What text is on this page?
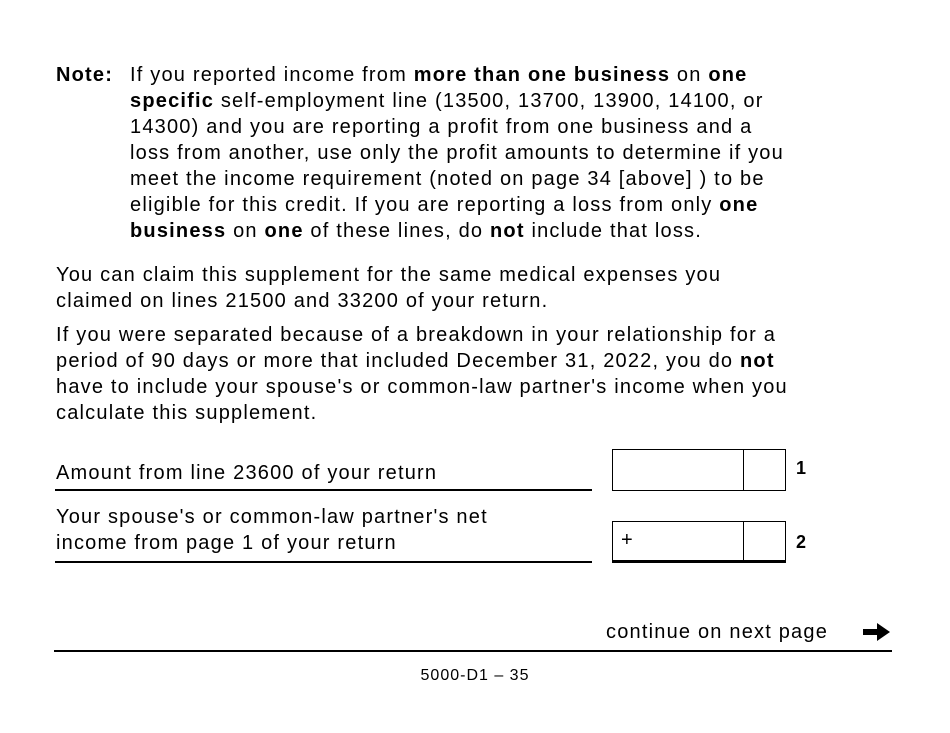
Note: If you reported income from more than one business on one
specific self-employment line (13500, 13700, 13900, 14100, or
14300) and you are reporting a profit from one business and a
loss from another, use only the profit amounts to determine if you
meet the income requirement (noted on page 34 [above] ) to be
eligible for this credit. If you are reporting a loss from only one
business on one of these lines, do not include that loss.
You can claim this supplement for the same medical expenses you
claimed on lines 21500 and 33200 of your return.
If you were separated because of a breakdown in your relationship for a
period of 90 days or more that included December 31, 2022, you do not
have to include your spouse's or common-law partner's income when you
calculate this supplement.
Amount from line 23600 of your return	1
Your spouse's or common-law partner's net
income from page 1 of your return	+	2
continue on next page
5000-D1 – 35
